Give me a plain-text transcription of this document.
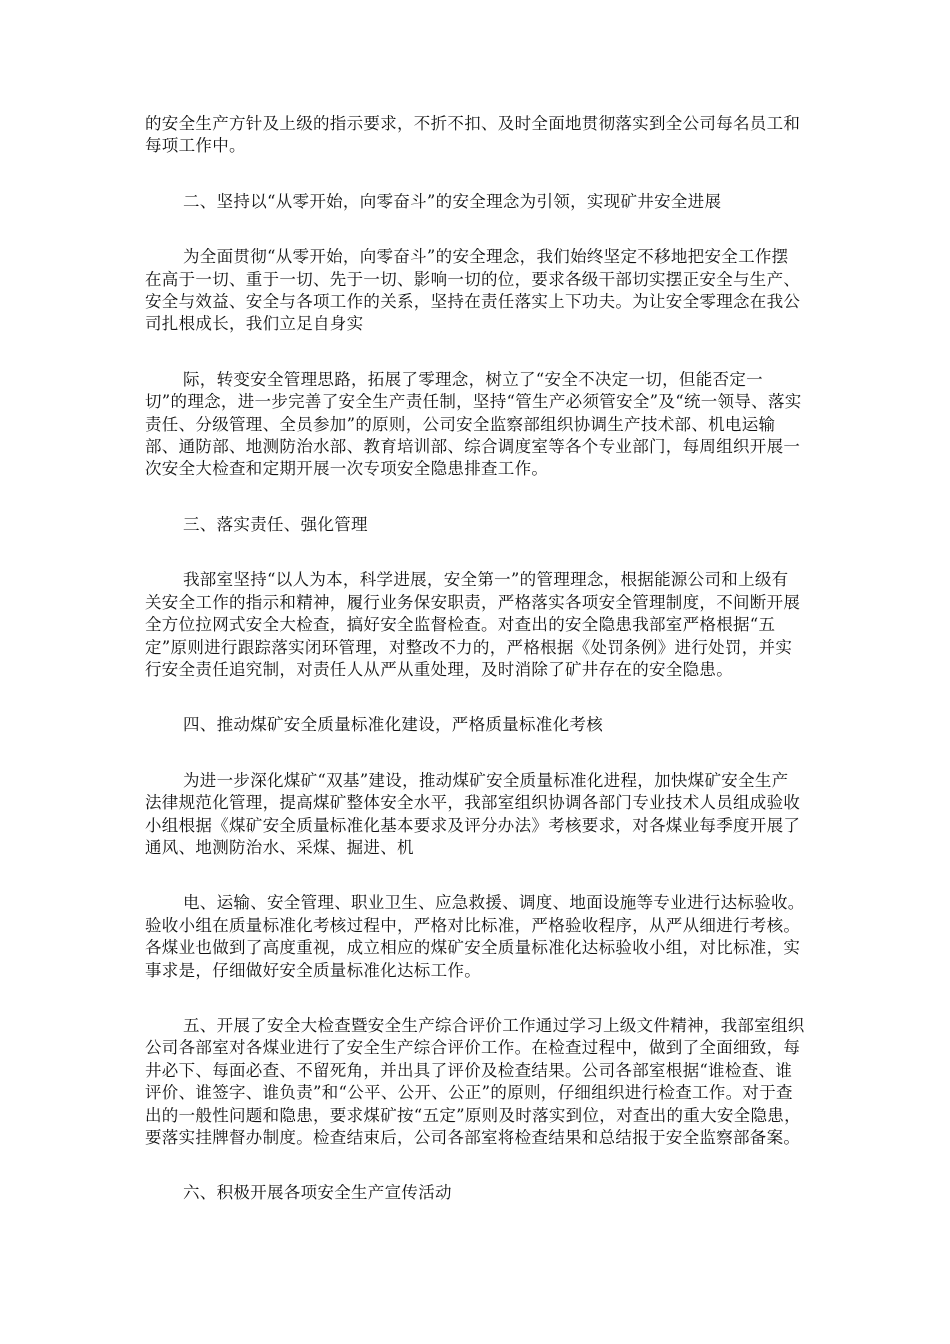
的安全生产方针及上级的指示要求，不折不扣、及时全面地贯彻落实到全公司每名员工和每项工作中。

二、坚持以“从零开始，向零奋斗”的安全理念为引领，实现矿井安全进展

为全面贯彻“从零开始，向零奋斗”的安全理念，我们始终坚定不移地把安全工作摆在高于一切、重于一切、先于一切、影响一切的位，要求各级干部切实摆正安全与生产、安全与效益、安全与各项工作的关系，坚持在责任落实上下功夫。为让安全零理念在我公司扎根成长，我们立足自身实

际，转变安全管理思路，拓展了零理念，树立了“安全不决定一切，但能否定一切”的理念，进一步完善了安全生产责任制，坚持“管生产必须管安全”及“统一领导、落实责任、分级管理、全员参加”的原则，公司安全监察部组织协调生产技术部、机电运输部、通防部、地测防治水部、教育培训部、综合调度室等各个专业部门，每周组织开展一次安全大检查和定期开展一次专项安全隐患排查工作。

三、落实责任、强化管理

我部室坚持“以人为本，科学进展，安全第一”的管理理念，根据能源公司和上级有关安全工作的指示和精神，履行业务保安职责，严格落实各项安全管理制度，不间断开展全方位拉网式安全大检查，搞好安全监督检查。对查出的安全隐患我部室严格根据“五定”原则进行跟踪落实闭环管理，对整改不力的，严格根据《处罚条例》进行处罚，并实行安全责任追究制，对责任人从严从重处理，及时消除了矿井存在的安全隐患。

四、推动煤矿安全质量标准化建设，严格质量标准化考核

为进一步深化煤矿“双基”建设，推动煤矿安全质量标准化进程，加快煤矿安全生产法律规范化管理，提高煤矿整体安全水平，我部室组织协调各部门专业技术人员组成验收小组根据《煤矿安全质量标准化基本要求及评分办法》考核要求，对各煤业每季度开展了通风、地测防治水、采煤、掘进、机

电、运输、安全管理、职业卫生、应急救援、调度、地面设施等专业进行达标验收。验收小组在质量标准化考核过程中，严格对比标准，严格验收程序，从严从细进行考核。各煤业也做到了高度重视，成立相应的煤矿安全质量标准化达标验收小组，对比标准，实事求是，仔细做好安全质量标准化达标工作。

五、开展了安全大检查暨安全生产综合评价工作通过学习上级文件精神，我部室组织公司各部室对各煤业进行了安全生产综合评价工作。在检查过程中，做到了全面细致，每井必下、每面必查、不留死角，并出具了评价及检查结果。公司各部室根据“谁检查、谁评价、谁签字、谁负责”和“公平、公开、公正”的原则，仔细组织进行检查工作。对于查出的一般性问题和隐患，要求煤矿按“五定”原则及时落实到位，对查出的重大安全隐患，要落实挂牌督办制度。检查结束后，公司各部室将检查结果和总结报于安全监察部备案。

六、积极开展各项安全生产宣传活动
